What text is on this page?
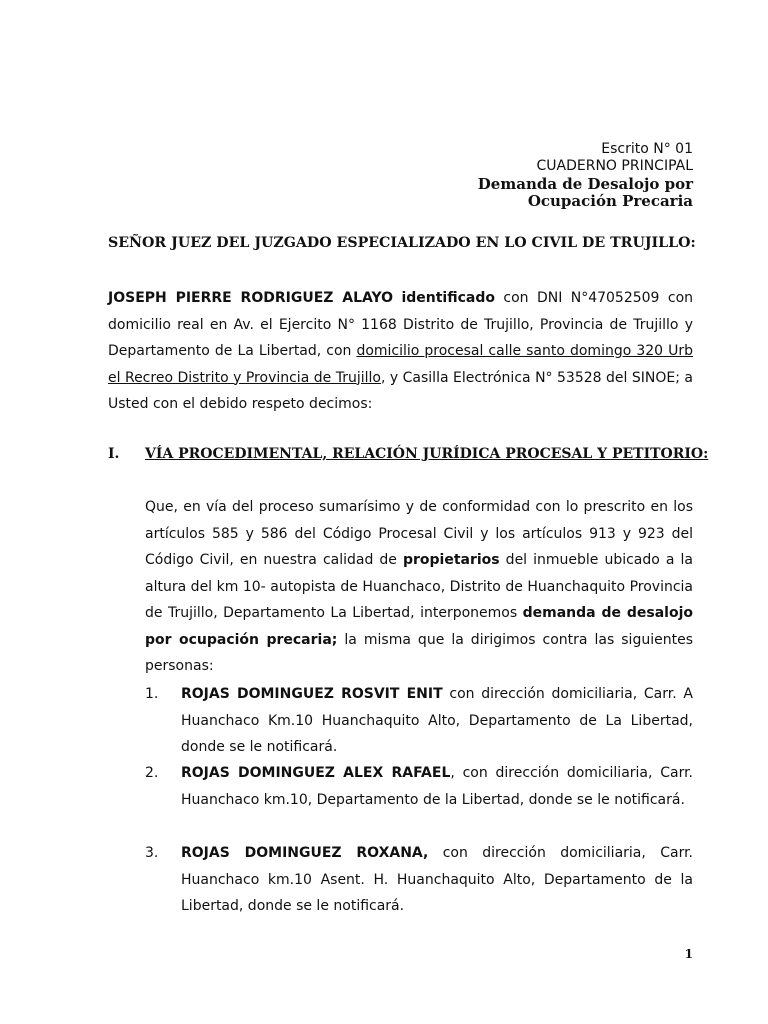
Escrito N° 01
CUADERNO PRINCIPAL
Demanda de Desalojo por
Ocupación Precaria
SEÑOR JUEZ DEL JUZGADO ESPECIALIZADO EN LO CIVIL DE TRUJILLO:
JOSEPH PIERRE RODRIGUEZ ALAYO identificado con DNI N°47052509 con domicilio real en Av. el Ejercito N° 1168 Distrito de Trujillo, Provincia de Trujillo y Departamento de La Libertad, con domicilio procesal calle santo domingo 320 Urb el Recreo Distrito y Provincia de Trujillo, y Casilla Electrónica N° 53528 del SINOE; a Usted con el debido respeto decimos:
I. VÍA PROCEDIMENTAL, RELACIÓN JURÍDICA PROCESAL Y PETITORIO:
Que, en vía del proceso sumarísimo y de conformidad con lo prescrito en los artículos 585 y 586 del Código Procesal Civil y los artículos 913 y 923 del Código Civil, en nuestra calidad de propietarios del inmueble ubicado a la altura del km 10- autopista de Huanchaco, Distrito de Huanchaquito Provincia de Trujillo, Departamento La Libertad, interponemos demanda de desalojo por ocupación precaria; la misma que la dirigimos contra las siguientes personas:
1. ROJAS DOMINGUEZ ROSVIT ENIT con dirección domiciliaria, Carr. A Huanchaco Km.10 Huanchaquito Alto, Departamento de La Libertad, donde se le notificará.
2. ROJAS DOMINGUEZ ALEX RAFAEL, con dirección domiciliaria, Carr. Huanchaco km.10, Departamento de la Libertad, donde se le notificará.
3. ROJAS DOMINGUEZ ROXANA, con dirección domiciliaria, Carr. Huanchaco km.10 Asent. H. Huanchaquito Alto, Departamento de la Libertad, donde se le notificará.
1
